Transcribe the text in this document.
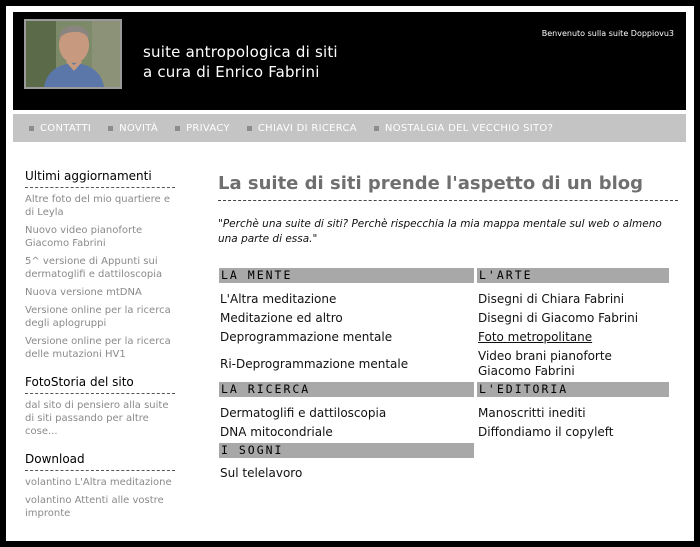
suite antropologica di siti
a cura di Enrico Fabrini
Benvenuto sulla suite Doppiovu3
CONTATTI	NOVITÀ	PRIVACY	CHIAVI DI RICERCA	NOSTALGIA DEL VECCHIO SITO?
Ultimi aggiornamenti
Altre foto del mio quartiere e di Leyla
Nuovo video pianoforte Giacomo Fabrini
5^ versione di Appunti sui dermatoglifi e dattiloscopia
Nuova versione mtDNA
Versione online per la ricerca degli aplogruppi
Versione online per la ricerca delle mutazioni HV1
FotoStoria del sito
dal sito di pensiero alla suite di siti passando per altre cose...
Download
volantino L'Altra meditazione
volantino Attenti alle vostre impronte
La suite di siti prende l'aspetto di un blog
"Perchè una suite di siti? Perchè rispecchia la mia mappa mentale sul web o almeno una parte di essa."
LA MENTE
L'Altra meditazione
Meditazione ed altro
Deprogrammazione mentale
Ri-Deprogrammazione mentale
L'ARTE
Disegni di Chiara Fabrini
Disegni di Giacomo Fabrini
Foto metropolitane
Video brani pianoforte Giacomo Fabrini
LA RICERCA
Dermatoglifi e dattiloscopia
DNA mitocondriale
L'EDITORIA
Manoscritti inediti
Diffondiamo il copyleft
I SOGNI
Sul telelavoro
